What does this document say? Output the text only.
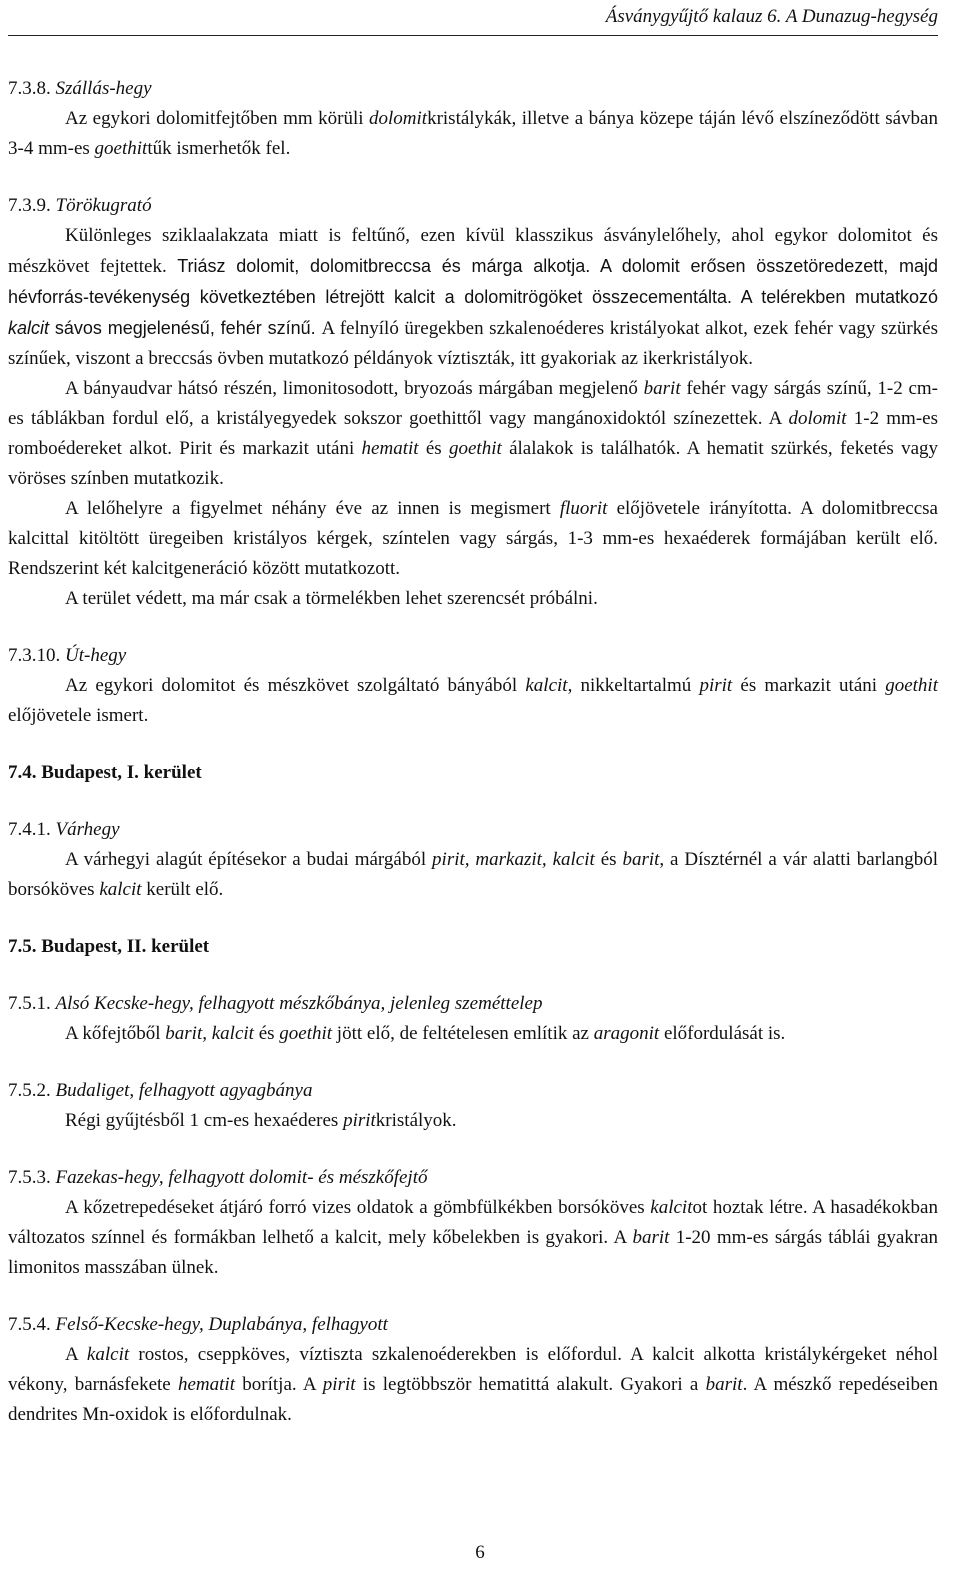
Ásványgyűjtő kalauz 6. A Dunazug-hegység
7.3.8. Szállás-hegy

Az egykori dolomitfejtőben mm körüli dolomitkristálykák, illetve a bánya közepe táján lévő elszíneződött sávban 3-4 mm-es goethittűk ismerhetők fel.

7.3.9. Törökugrató

Különleges sziklaalakzata miatt is feltűnő, ezen kívül klasszikus ásványlelőhely, ahol egykor dolomitot és mészkövet fejtettek. Triász dolomit, dolomitbreccsa és márga alkotja. A dolomit erősen összetöredezett, majd hévforrás-tevékenység következtében létrejött kalcit a dolomitrögöket összecementálta. A telérekben mutatkozó kalcit sávos megjelenésű, fehér színű. A felnyíló üregekben szkalenoéderes kristályokat alkot, ezek fehér vagy szürkés színűek, viszont a breccsás övben mutatkozó példányok víztiszták, itt gyakoriak az ikerkristályok.

A bányaudvar hátsó részén, limonitosodott, bryozoás márgában megjelenő barit fehér vagy sárgás színű, 1-2 cm-es táblákban fordul elő, a kristályegyedek sokszor goethittől vagy mangánoxidoktól színezettek. A dolomit 1-2 mm-es romboédereket alkot. Pirit és markazit utáni hematit és goethit álalakok is találhatók. A hematit szürkés, feketés vagy vöröses színben mutatkozik.

A lelőhelyre a figyelmet néhány éve az innen is megismert fluorit előjövetele irányította. A dolomitbreccsa kalcittal kitöltött üregeiben kristályos kérgek, színtelen vagy sárgás, 1-3 mm-es hexaéderek formájában került elő. Rendszerint két kalcitgeneráció között mutatkozott.

A terület védett, ma már csak a törmelékben lehet szerencsét próbálni.

7.3.10. Út-hegy

Az egykori dolomitot és mészkövet szolgáltató bányából kalcit, nikkeltartalmú pirit és markazit utáni goethit előjövetele ismert.

7.4. Budapest, I. kerület
7.4.1. Várhegy

A várhegyi alagút építésekor a budai márgából pirit, markazit, kalcit és barit, a Dísztérnél a vár alatti barlangból borsóköves kalcit került elő.

7.5. Budapest, II. kerület
7.5.1. Alsó Kecske-hegy, felhagyott mészkőbánya, jelenleg szeméttelep

A kőfejtőből barit, kalcit és goethit jött elő, de feltételesen említik az aragonit előfordulását is.

7.5.2. Budaliget, felhagyott agyagbánya

Régi gyűjtésből 1 cm-es hexaéderes piritkristályok.

7.5.3. Fazekas-hegy, felhagyott dolomit- és mészkőfejtő

A kőzetrepedéseket átjáró forró vizes oldatok a gömbfülkékben borsóköves kalcitot hoztak létre. A hasadékokban változatos színnel és formákban lelhető a kalcit, mely kőbelekben is gyakori. A barit 1-20 mm-es sárgás táblái gyakran limonitos masszában ülnek.

7.5.4. Felső-Kecske-hegy, Duplabánya, felhagyott

A kalcit rostos, cseppköves, víztiszta szkalenoéderekben is előfordul. A kalcit alkotta kristálykérgeket néhol vékony, barnásfekete hematit borítja. A pirit is legtöbbször hematittá alakult. Gyakori a barit. A mészkő repedéseiben dendrites Mn-oxidok is előfordulnak.

6
